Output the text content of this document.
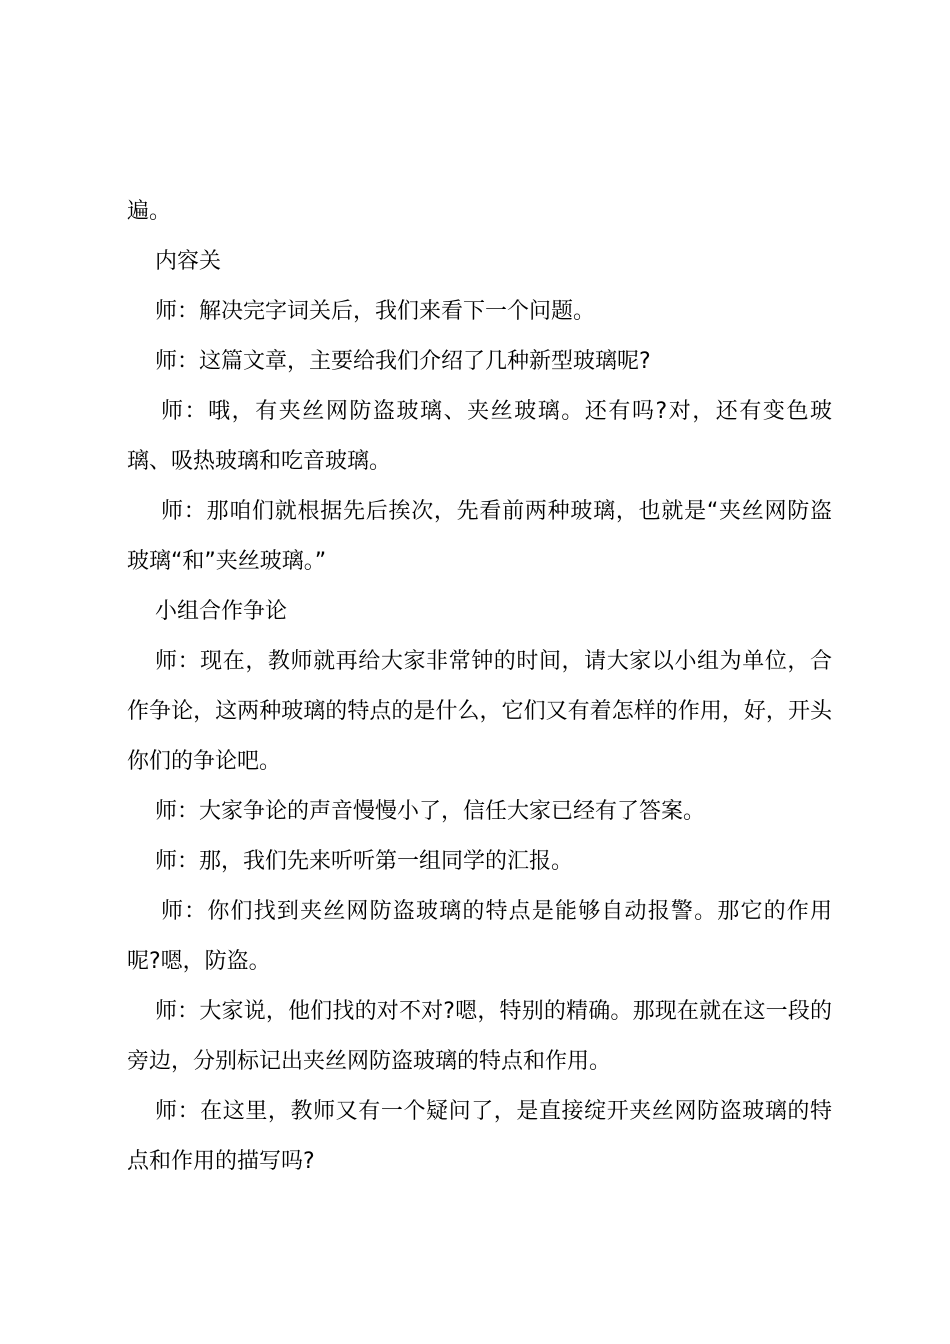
遍。

内容关

师：解决完字词关后，我们来看下一个问题。

师：这篇文章，主要给我们介绍了几种新型玻璃呢?

师：哦，有夹丝网防盗玻璃、夹丝玻璃。还有吗?对，还有变色玻璃、吸热玻璃和吃音玻璃。

师：那咱们就根据先后挨次，先看前两种玻璃，也就是“夹丝网防盗玻璃“和”夹丝玻璃。”

小组合作争论

师：现在，教师就再给大家非常钟的时间，请大家以小组为单位，合作争论，这两种玻璃的特点的是什么，它们又有着怎样的作用，好，开头你们的争论吧。

师：大家争论的声音慢慢小了，信任大家已经有了答案。

师：那，我们先来听听第一组同学的汇报。

师：你们找到夹丝网防盗玻璃的特点是能够自动报警。那它的作用呢?嗯，防盗。

师：大家说，他们找的对不对?嗯，特别的精确。那现在就在这一段的旁边，分别标记出夹丝网防盗玻璃的特点和作用。

师：在这里，教师又有一个疑问了，是直接绽开夹丝网防盗玻璃的特点和作用的描写吗?
